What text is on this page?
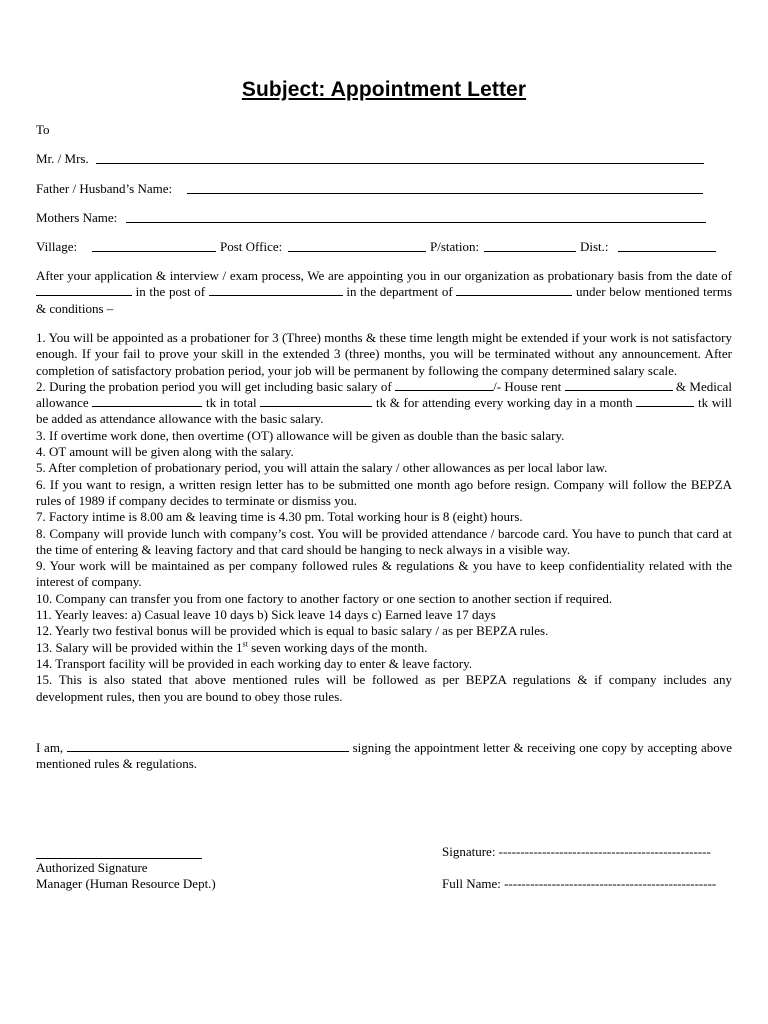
Subject: Appointment Letter
To
Mr. / Mrs.
Father / Husband’s Name:
Mothers Name:
Village:	Post Office:	P/station:	Dist.:
After your application & interview / exam process, We are appointing you in our organization as probationary basis from the date of  in the post of	in the department of	under below mentioned terms & conditions –
1. You will be appointed as a probationer for 3 (Three) months & these time length might be extended if your work is not satisfactory enough. If your fail to prove your skill in the extended 3 (three) months, you will be terminated without any announcement. After completion of satisfactory probation period, your job will be permanent by following the company determined salary scale.
2. During the probation period you will get including basic salary of	/- House rent	& Medical allowance	tk in total	tk & for attending every working day in a month	tk will be added as attendance allowance with the basic salary.
3. If overtime work done, then overtime (OT) allowance will be given as double than the basic salary.
4. OT amount will be given along with the salary.
5. After completion of probationary period, you will attain the salary / other allowances as per local labor law.
6. If you want to resign, a written resign letter has to be submitted one month ago before resign. Company will follow the BEPZA rules of 1989 if company decides to terminate or dismiss you.
7. Factory intime is 8.00 am & leaving time is 4.30 pm. Total working hour is 8 (eight) hours.
8. Company will provide lunch with company’s cost. You will be provided attendance / barcode card. You have to punch that card at the time of entering & leaving factory and that card should be hanging to neck always in a visible way.
9. Your work will be maintained as per company followed rules & regulations & you have to keep confidentiality related with the interest of company.
10. Company can transfer you from one factory to another factory or one section to another section if required.
11. Yearly leaves: a) Casual leave 10 days b) Sick leave 14 days c) Earned leave 17 days
12. Yearly two festival bonus will be provided which is equal to basic salary / as per BEPZA rules.
13. Salary will be provided within the 1st seven working days of the month.
14. Transport facility will be provided in each working day to enter & leave factory.
15. This is also stated that above mentioned rules will be followed as per BEPZA regulations & if company includes any development rules, then you are bound to obey those rules.
I am,	signing the appointment letter & receiving one copy by accepting above mentioned rules & regulations.
Authorized Signature
Manager (Human Resource Dept.)
Signature: -------------------------------------------------
Full Name: -------------------------------------------------
